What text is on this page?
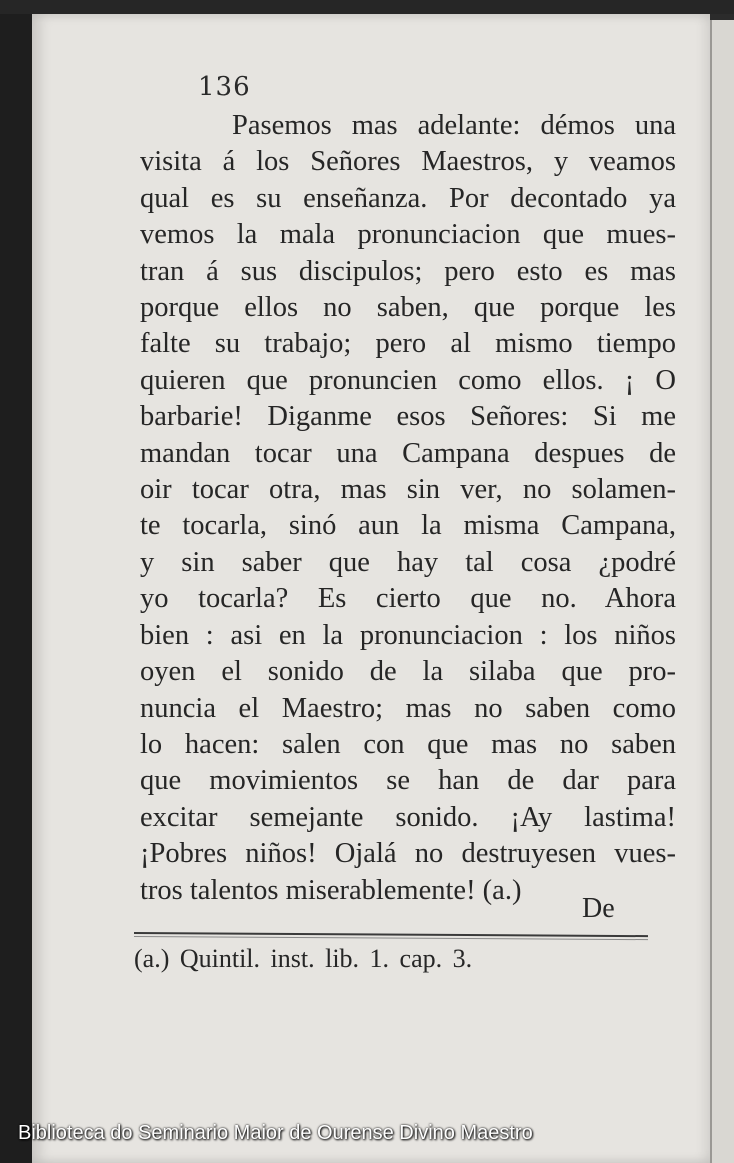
136
Pasemos mas adelante: démos una
visita á los Señores Maestros, y veamos
qual es su enseñanza. Por decontado ya
vemos la mala pronunciacion que mues-
tran á sus discipulos; pero esto es mas
porque ellos no saben, que porque les
falte su trabajo; pero al mismo tiempo
quieren que pronuncien como ellos. ¡ O
barbarie! Diganme esos Señores: Si me
mandan tocar una Campana despues de
oir tocar otra, mas sin ver, no solamen-
te tocarla, sinó aun la misma Campana,
y sin saber que hay tal cosa ¿podré
yo tocarla? Es cierto que no. Ahora
bien : asi en la pronunciacion : los niños
oyen el sonido de la silaba que pro-
nuncia el Maestro; mas no saben como
lo hacen: salen con que mas no saben
que movimientos se han de dar para
excitar semejante sonido. ¡Ay lastima!
¡Pobres niños! Ojalá no destruyesen vues-
tros talentos miserablemente! (a.)
De
(a.) Quintil. inst. lib. 1. cap. 3.
Biblioteca do Seminario Maior de Ourense Divino Maestro
